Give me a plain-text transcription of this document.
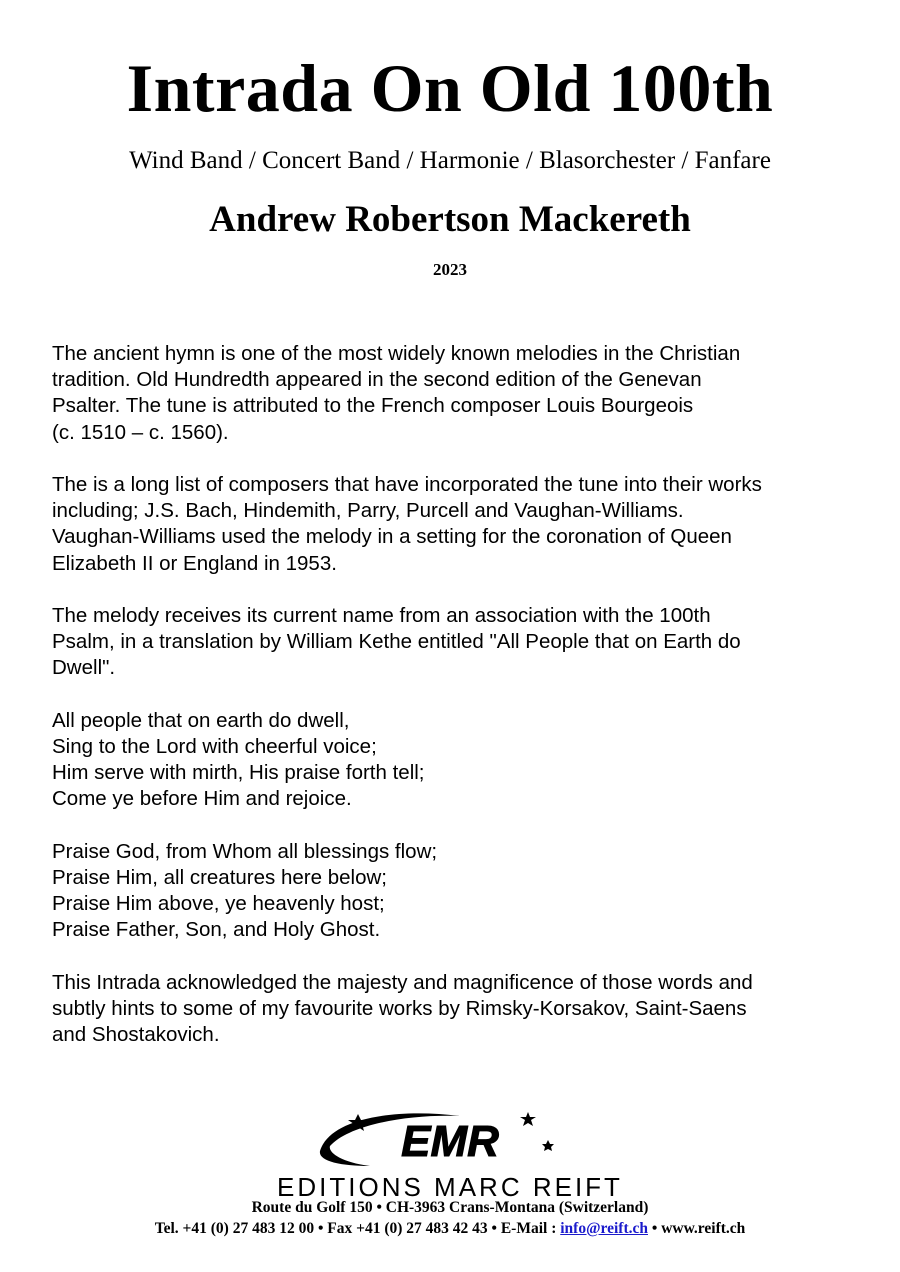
Intrada On Old 100th
Wind Band / Concert Band / Harmonie / Blasorchester / Fanfare
Andrew Robertson Mackereth
2023
The ancient hymn is one of the most widely known melodies in the Christian
tradition. Old Hundredth appeared in the second edition of the Genevan
Psalter. The tune is attributed to the French composer Louis Bourgeois
(c. 1510 – c. 1560).
The is a long list of composers that have incorporated the tune into their works
including; J.S. Bach, Hindemith, Parry, Purcell and Vaughan-Williams.
Vaughan-Williams used the melody in a setting for the coronation of Queen
Elizabeth II or England in 1953.
The melody receives its current name from an association with the 100th
Psalm, in a translation by William Kethe entitled "All People that on Earth do
Dwell".
All people that on earth do dwell,
Sing to the Lord with cheerful voice;
Him serve with mirth, His praise forth tell;
Come ye before Him and rejoice.
Praise God, from Whom all blessings flow;
Praise Him, all creatures here below;
Praise Him above, ye heavenly host;
Praise Father, Son, and Holy Ghost.
This Intrada acknowledged the majesty and magnificence of those words and
subtly hints to some of my favourite works by Rimsky-Korsakov, Saint-Saens
and Shostakovich.
EMR
EDITIONS MARC REIFT
Route du Golf 150 • CH-3963 Crans-Montana (Switzerland)
Tel. +41 (0) 27 483 12 00 • Fax +41 (0) 27 483 42 43 • E-Mail : info@reift.ch • www.reift.ch
